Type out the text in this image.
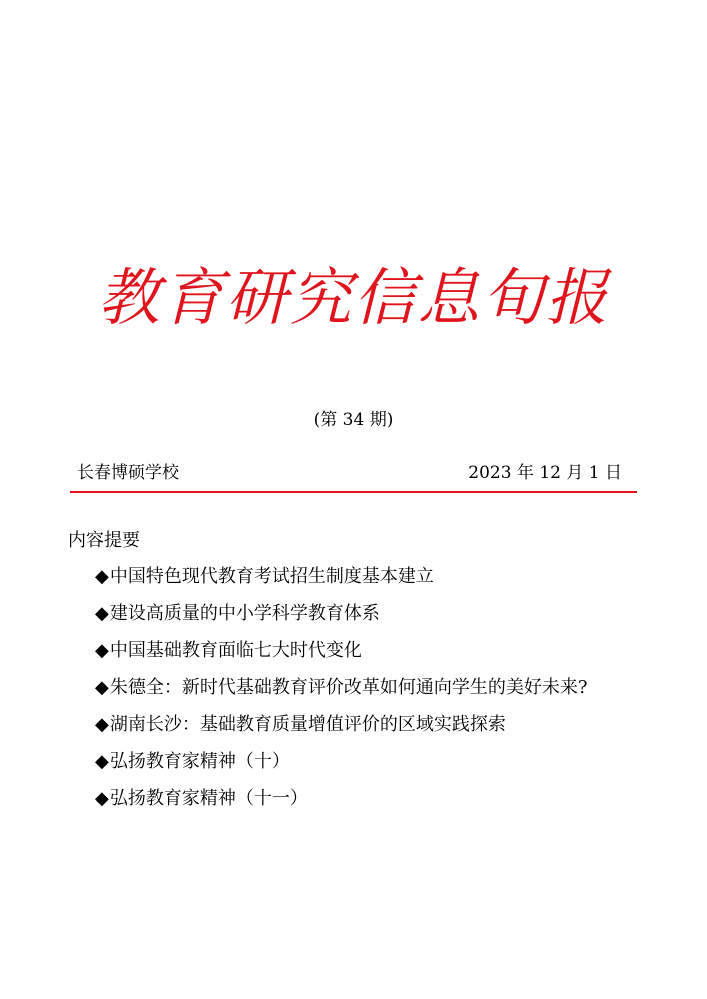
教育研究信息旬报
(第 34 期)
长春博硕学校	2023 年 12 月 1 日
内容提要
◆中国特色现代教育考试招生制度基本建立
◆建设高质量的中小学科学教育体系
◆中国基础教育面临七大时代变化
◆朱德全：新时代基础教育评价改革如何通向学生的美好未来?
◆湖南长沙：基础教育质量增值评价的区域实践探索
◆弘扬教育家精神（十）
◆弘扬教育家精神（十一）
